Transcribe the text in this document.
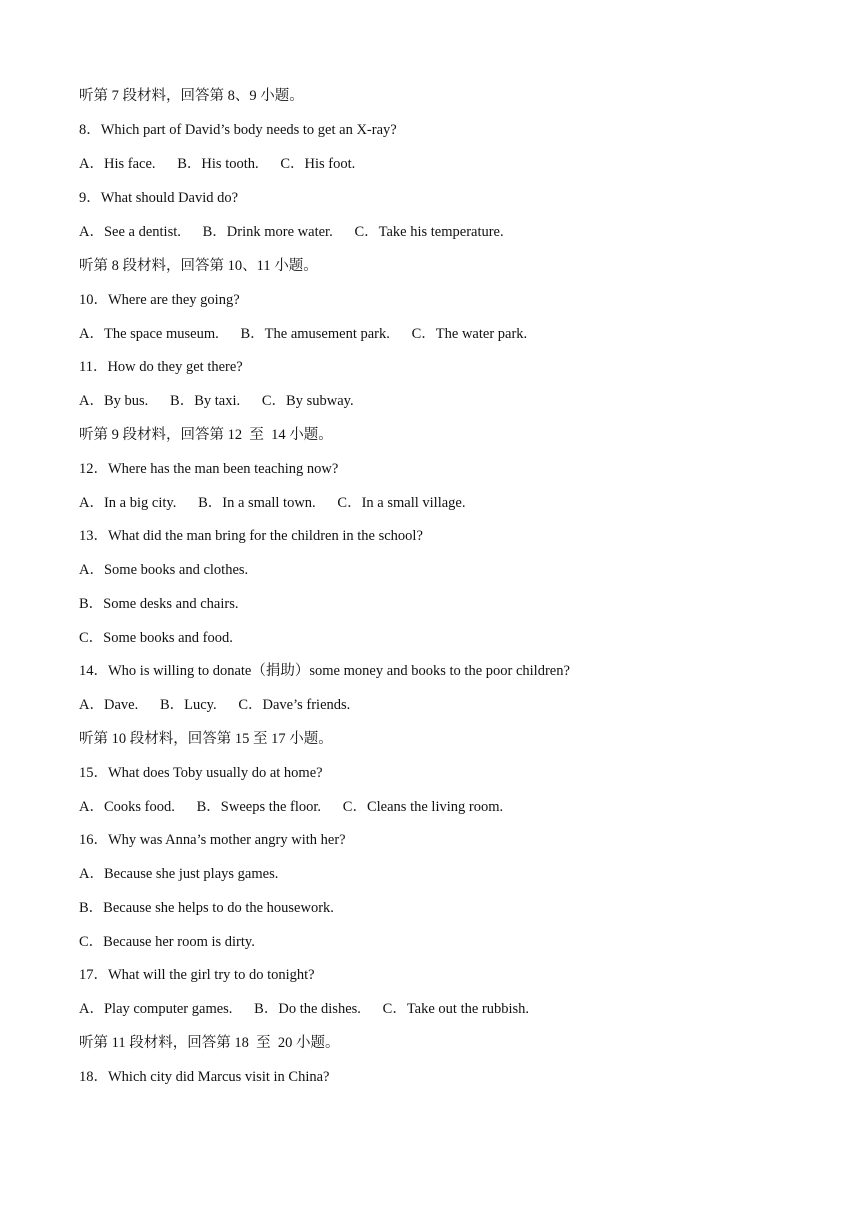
听第 7 段材料，回答第 8、9 小题。
8．Which part of David’s body needs to get an X-ray?
A．His face.      B．His tooth.      C．His foot.
9．What should David do?
A．See a dentist.      B．Drink more water.      C．Take his temperature.
听第 8 段材料，回答第 10、11 小题。
10．Where are they going?
A．The space museum.      B．The amusement park.      C．The water park.
11．How do they get there?
A．By bus.      B．By taxi.      C．By subway.
听第 9 段材料，回答第 12  至  14 小题。
12．Where has the man been teaching now?
A．In a big city.      B．In a small town.      C．In a small village.
13．What did the man bring for the children in the school?
A．Some books and clothes.
B．Some desks and chairs.
C．Some books and food.
14．Who is willing to donate（捐助）some money and books to the poor children?
A．Dave.      B．Lucy.      C．Dave’s friends.
听第 10 段材料，回答第 15 至 17 小题。
15．What does Toby usually do at home?
A．Cooks food.      B．Sweeps the floor.      C．Cleans the living room.
16．Why was Anna’s mother angry with her?
A．Because she just plays games.
B．Because she helps to do the housework.
C．Because her room is dirty.
17．What will the girl try to do tonight?
A．Play computer games.      B．Do the dishes.      C．Take out the rubbish.
听第 11 段材料，回答第 18  至  20 小题。
18．Which city did Marcus visit in China?
